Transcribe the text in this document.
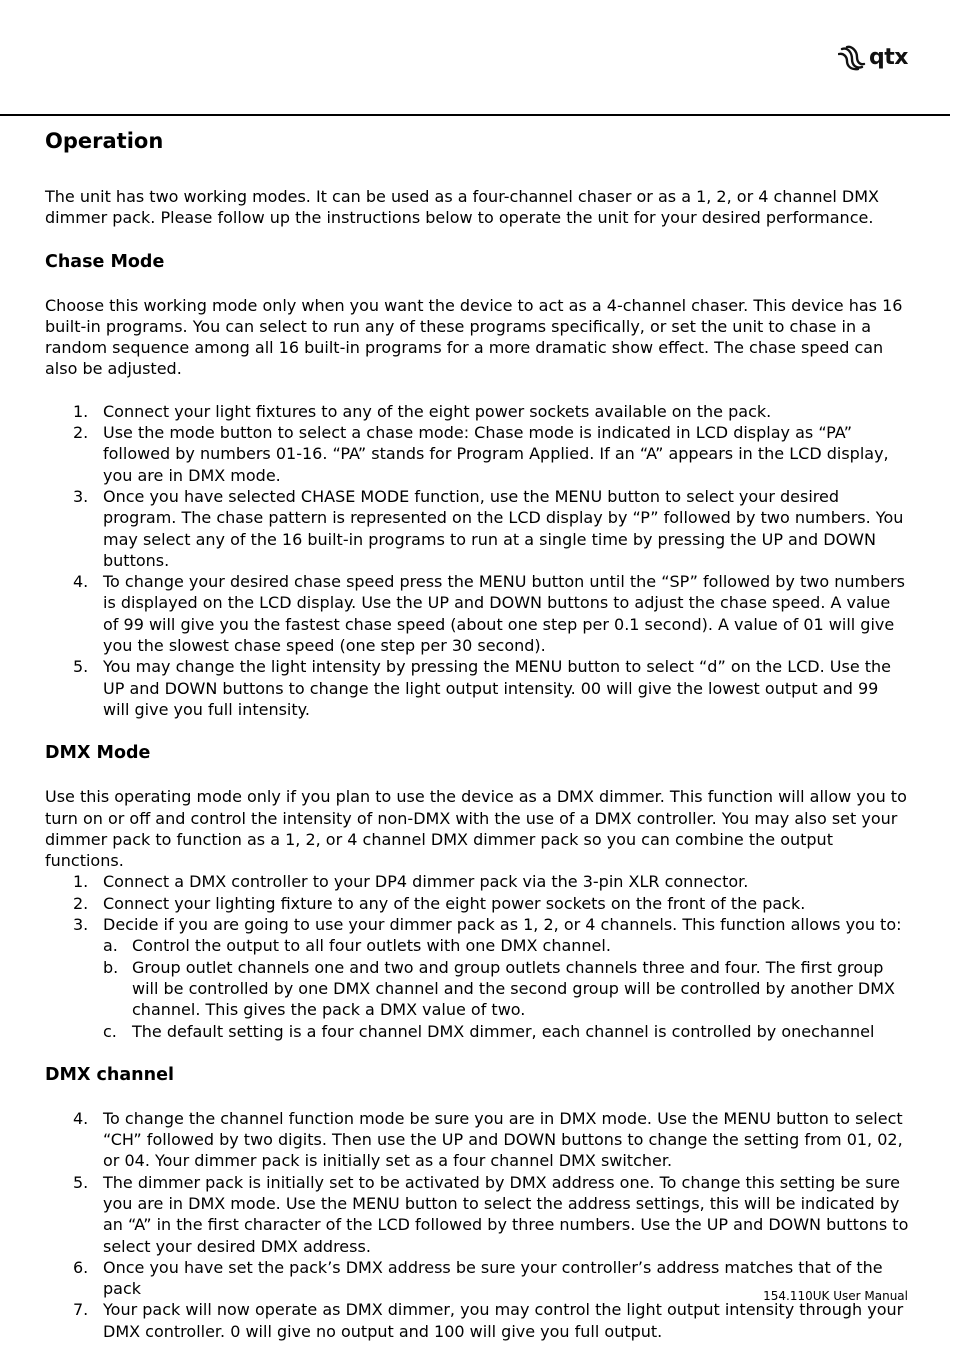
qtx
Operation

The unit has two working modes. It can be used as a four-channel chaser or as a 1, 2, or 4 channel DMX dimmer pack. Please follow up the instructions below to operate the unit for your desired performance.

Chase Mode

Choose this working mode only when you want the device to act as a 4-channel chaser. This device has 16 built-in programs. You can select to run any of these programs specifically, or set the unit to chase in a random sequence among all 16 built-in programs for a more dramatic show effect. The chase speed can also be adjusted.

1. Connect your light fixtures to any of the eight power sockets available on the pack.
2. Use the mode button to select a chase mode: Chase mode is indicated in LCD display as “PA” followed by numbers 01-16. “PA” stands for Program Applied. If an “A” appears in the LCD display, you are in DMX mode.
3. Once you have selected CHASE MODE function, use the MENU button to select your desired program. The chase pattern is represented on the LCD display by “P” followed by two numbers. You may select any of the 16 built-in programs to run at a single time by pressing the UP and DOWN buttons.
4. To change your desired chase speed press the MENU button until the “SP” followed by two numbers is displayed on the LCD display. Use the UP and DOWN buttons to adjust the chase speed. A value of 99 will give you the fastest chase speed (about one step per 0.1 second). A value of 01 will give you the slowest chase speed (one step per 30 second).
5. You may change the light intensity by pressing the MENU button to select “d” on the LCD. Use the UP and DOWN buttons to change the light output intensity. 00 will give the lowest output and 99 will give you full intensity.
DMX Mode

Use this operating mode only if you plan to use the device as a DMX dimmer. This function will allow you to turn on or off and control the intensity of non-DMX with the use of a DMX controller. You may also set your dimmer pack to function as a 1, 2, or 4 channel DMX dimmer pack so you can combine the output functions.

1. Connect a DMX controller to your DP4 dimmer pack via the 3-pin XLR connector.
2. Connect your lighting fixture to any of the eight power sockets on the front of the pack.
3. Decide if you are going to use your dimmer pack as 1, 2, or 4 channels. This function allows you to:
a. Control the output to all four outlets with one DMX channel.
b. Group outlet channels one and two and group outlets channels three and four. The first group will be controlled by one DMX channel and the second group will be controlled by another DMX channel. This gives the pack a DMX value of two.
c. The default setting is a four channel DMX dimmer, each channel is controlled by onechannel
DMX channel
4. To change the channel function mode be sure you are in DMX mode. Use the MENU button to select “CH” followed by two digits. Then use the UP and DOWN buttons to change the setting from 01, 02, or 04. Your dimmer pack is initially set as a four channel DMX switcher.
5. The dimmer pack is initially set to be activated by DMX address one. To change this setting be sure you are in DMX mode. Use the MENU button to select the address settings, this will be indicated by an “A” in the first character of the LCD followed by three numbers. Use the UP and DOWN buttons to select your desired DMX address.
6. Once you have set the pack’s DMX address be sure your controller’s address matches that of the pack
7. Your pack will now operate as DMX dimmer, you may control the light output intensity through your DMX controller. 0 will give no output and 100 will give you full output.
154.110UK User Manual
